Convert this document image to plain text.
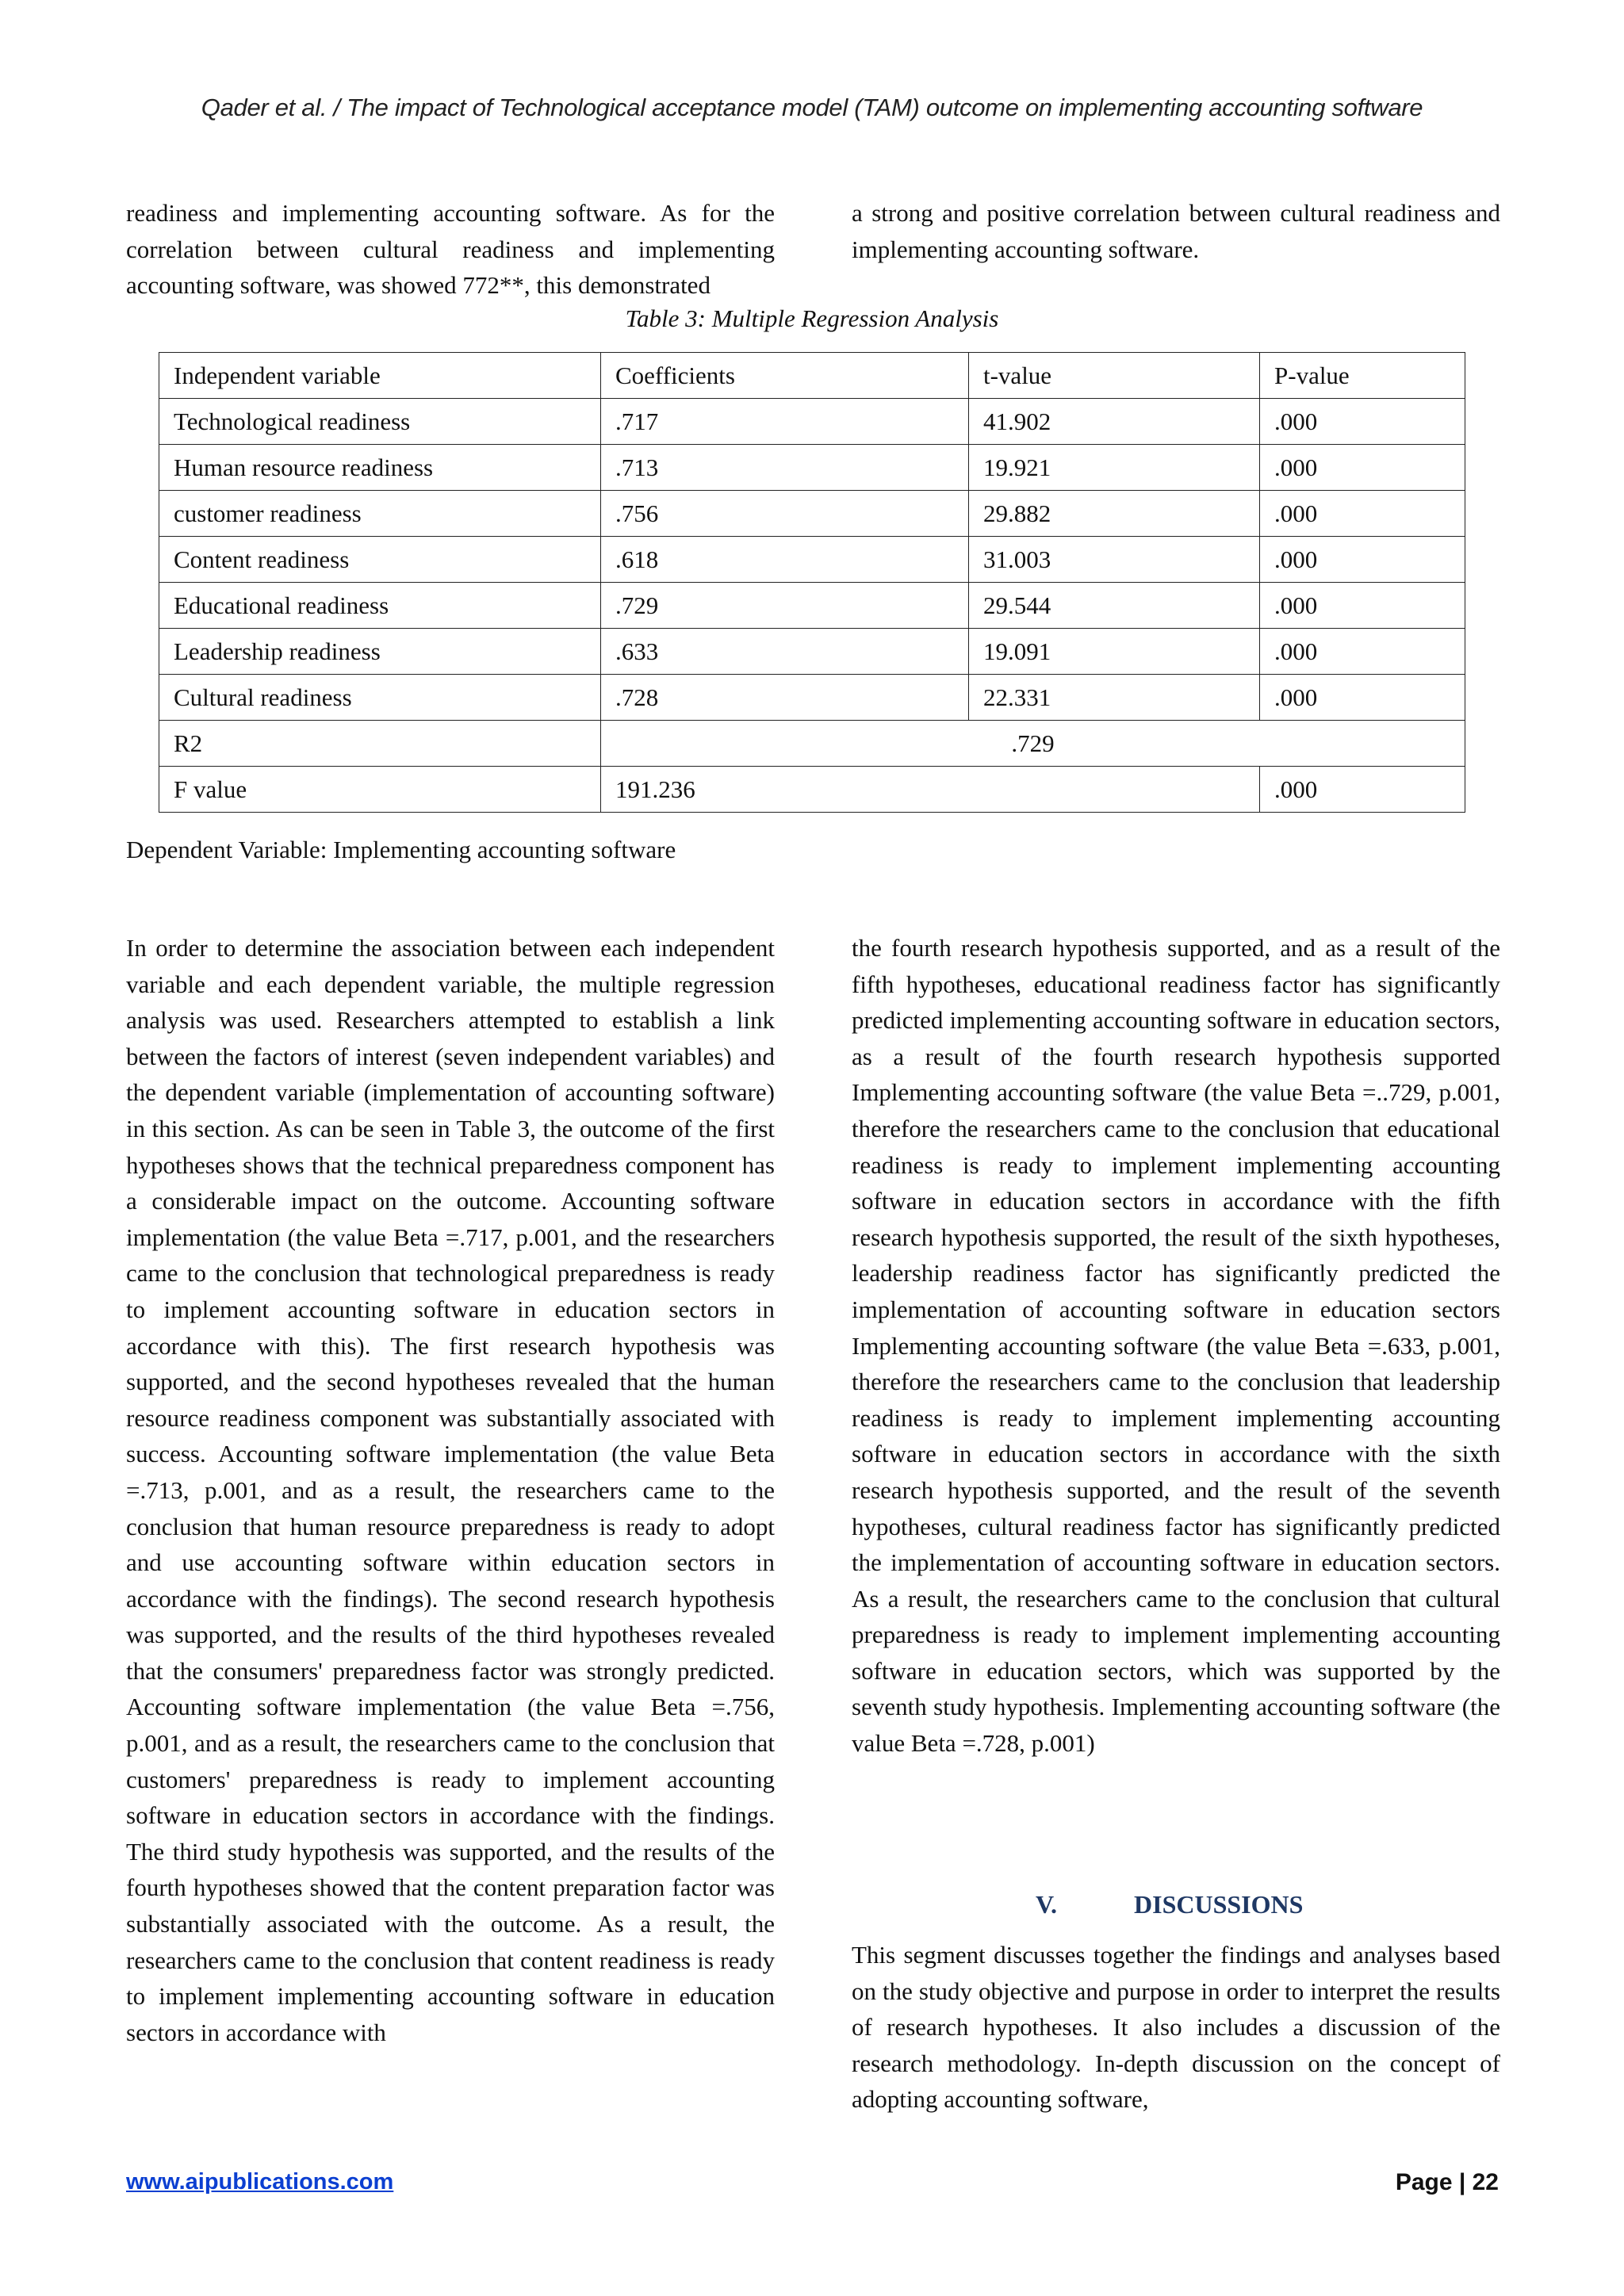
Qader et al. / The impact of Technological acceptance model (TAM) outcome on implementing accounting software

readiness and implementing accounting software. As for the correlation between cultural readiness and implementing accounting software, was showed 772**, this demonstrated

a strong and positive correlation between cultural readiness and implementing accounting software.

Table 3: Multiple Regression Analysis
Independent variable	Coefficients	t-value	P-value
Technological readiness	.717	41.902	.000
Human resource readiness	.713	19.921	.000
customer readiness	.756	29.882	.000
Content readiness	.618	31.003	.000
Educational readiness	.729	29.544	.000
Leadership readiness	.633	19.091	.000
Cultural readiness	.728	22.331	.000
R2	.729		
F value	191.236		.000
Dependent Variable: Implementing accounting software

In order to determine the association between each independent variable and each dependent variable, the multiple regression analysis was used. Researchers attempted to establish a link between the factors of interest (seven independent variables) and the dependent variable (implementation of accounting software) in this section. As can be seen in Table 3, the outcome of the first hypotheses shows that the technical preparedness component has a considerable impact on the outcome. Accounting software implementation (the value Beta =.717, p.001, and the researchers came to the conclusion that technological preparedness is ready to implement accounting software in education sectors in accordance with this). The first research hypothesis was supported, and the second hypotheses revealed that the human resource readiness component was substantially associated with success. Accounting software implementation (the value Beta =.713, p.001, and as a result, the researchers came to the conclusion that human resource preparedness is ready to adopt and use accounting software within education sectors in accordance with the findings). The second research hypothesis was supported, and the results of the third hypotheses revealed that the consumers' preparedness factor was strongly predicted. Accounting software implementation (the value Beta =.756, p.001, and as a result, the researchers came to the conclusion that customers' preparedness is ready to implement accounting software in education sectors in accordance with the findings. The third study hypothesis was supported, and the results of the fourth hypotheses showed that the content preparation factor was substantially associated with the outcome. As a result, the researchers came to the conclusion that content readiness is ready to implement implementing accounting software in education sectors in accordance with

the fourth research hypothesis supported, and as a result of the fifth hypotheses, educational readiness factor has significantly predicted implementing accounting software in education sectors, as a result of the fourth research hypothesis supported Implementing accounting software (the value Beta =..729, p.001, therefore the researchers came to the conclusion that educational readiness is ready to implement implementing accounting software in education sectors in accordance with the fifth research hypothesis supported, the result of the sixth hypotheses, leadership readiness factor has significantly predicted the implementation of accounting software in education sectors Implementing accounting software (the value Beta =.633, p.001, therefore the researchers came to the conclusion that leadership readiness is ready to implement implementing accounting software in education sectors in accordance with the sixth research hypothesis supported, and the result of the seventh hypotheses, cultural readiness factor has significantly predicted the implementation of accounting software in education sectors. As a result, the researchers came to the conclusion that cultural preparedness is ready to implement implementing accounting software in education sectors, which was supported by the seventh study hypothesis. Implementing accounting software (the value Beta =.728, p.001)

V.	DISCUSSIONS

This segment discusses together the findings and analyses based on the study objective and purpose in order to interpret the results of research hypotheses. It also includes a discussion of the research methodology. In-depth discussion on the concept of adopting accounting software,

www.aipublications.com	Page | 22
